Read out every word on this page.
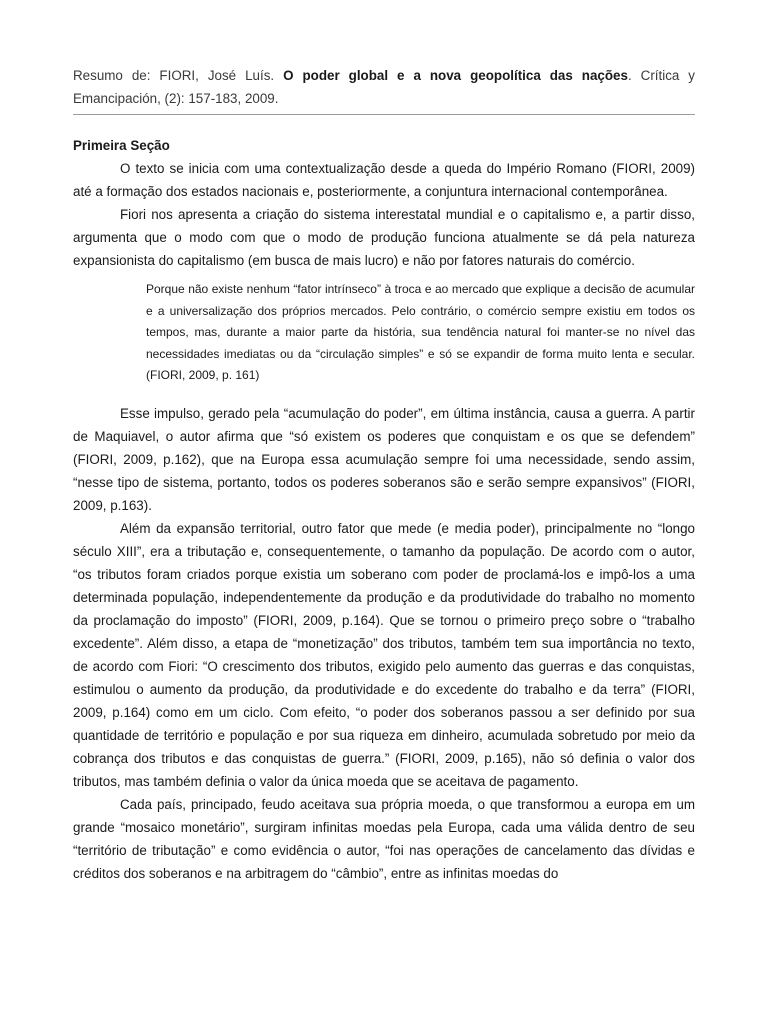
Resumo de: FIORI, José Luís. O poder global e a nova geopolítica das nações. Crítica y Emancipación, (2): 157-183, 2009.

Primeira Seção

O texto se inicia com uma contextualização desde a queda do Império Romano (FIORI, 2009) até a formação dos estados nacionais e, posteriormente, a conjuntura internacional contemporânea.

Fiori nos apresenta a criação do sistema interestatal mundial e o capitalismo e, a partir disso, argumenta que o modo com que o modo de produção funciona atualmente se dá pela natureza expansionista do capitalismo (em busca de mais lucro) e não por fatores naturais do comércio.

Porque não existe nenhum “fator intrínseco” à troca e ao mercado que explique a decisão de acumular e a universalização dos próprios mercados. Pelo contrário, o comércio sempre existiu em todos os tempos, mas, durante a maior parte da história, sua tendência natural foi manter-se no nível das necessidades imediatas ou da “circulação simples” e só se expandir de forma muito lenta e secular. (FIORI, 2009, p. 161)

Esse impulso, gerado pela “acumulação do poder”, em última instância, causa a guerra. A partir de Maquiavel, o autor afirma que “só existem os poderes que conquistam e os que se defendem” (FIORI, 2009, p.162), que na Europa essa acumulação sempre foi uma necessidade, sendo assim, “nesse tipo de sistema, portanto, todos os poderes soberanos são e serão sempre expansivos” (FIORI, 2009, p.163).

Além da expansão territorial, outro fator que mede (e media poder), principalmente no “longo século XIII”, era a tributação e, consequentemente, o tamanho da população. De acordo com o autor, “os tributos foram criados porque existia um soberano com poder de proclamá-los e impô-los a uma determinada população, independentemente da produção e da produtividade do trabalho no momento da proclamação do imposto” (FIORI, 2009, p.164). Que se tornou o primeiro preço sobre o “trabalho excedente”. Além disso, a etapa de “monetização” dos tributos, também tem sua importância no texto, de acordo com Fiori: “O crescimento dos tributos, exigido pelo aumento das guerras e das conquistas, estimulou o aumento da produção, da produtividade e do excedente do trabalho e da terra” (FIORI, 2009, p.164) como em um ciclo. Com efeito, “o poder dos soberanos passou a ser definido por sua quantidade de território e população e por sua riqueza em dinheiro, acumulada sobretudo por meio da cobrança dos tributos e das conquistas de guerra.” (FIORI, 2009, p.165), não só definia o valor dos tributos, mas também definia o valor da única moeda que se aceitava de pagamento.

Cada país, principado, feudo aceitava sua própria moeda, o que transformou a europa em um grande “mosaico monetário”, surgiram infinitas moedas pela Europa, cada uma válida dentro de seu “território de tributação” e como evidência o autor, “foi nas operações de cancelamento das dívidas e créditos dos soberanos e na arbitragem do “câmbio”, entre as infinitas moedas do
